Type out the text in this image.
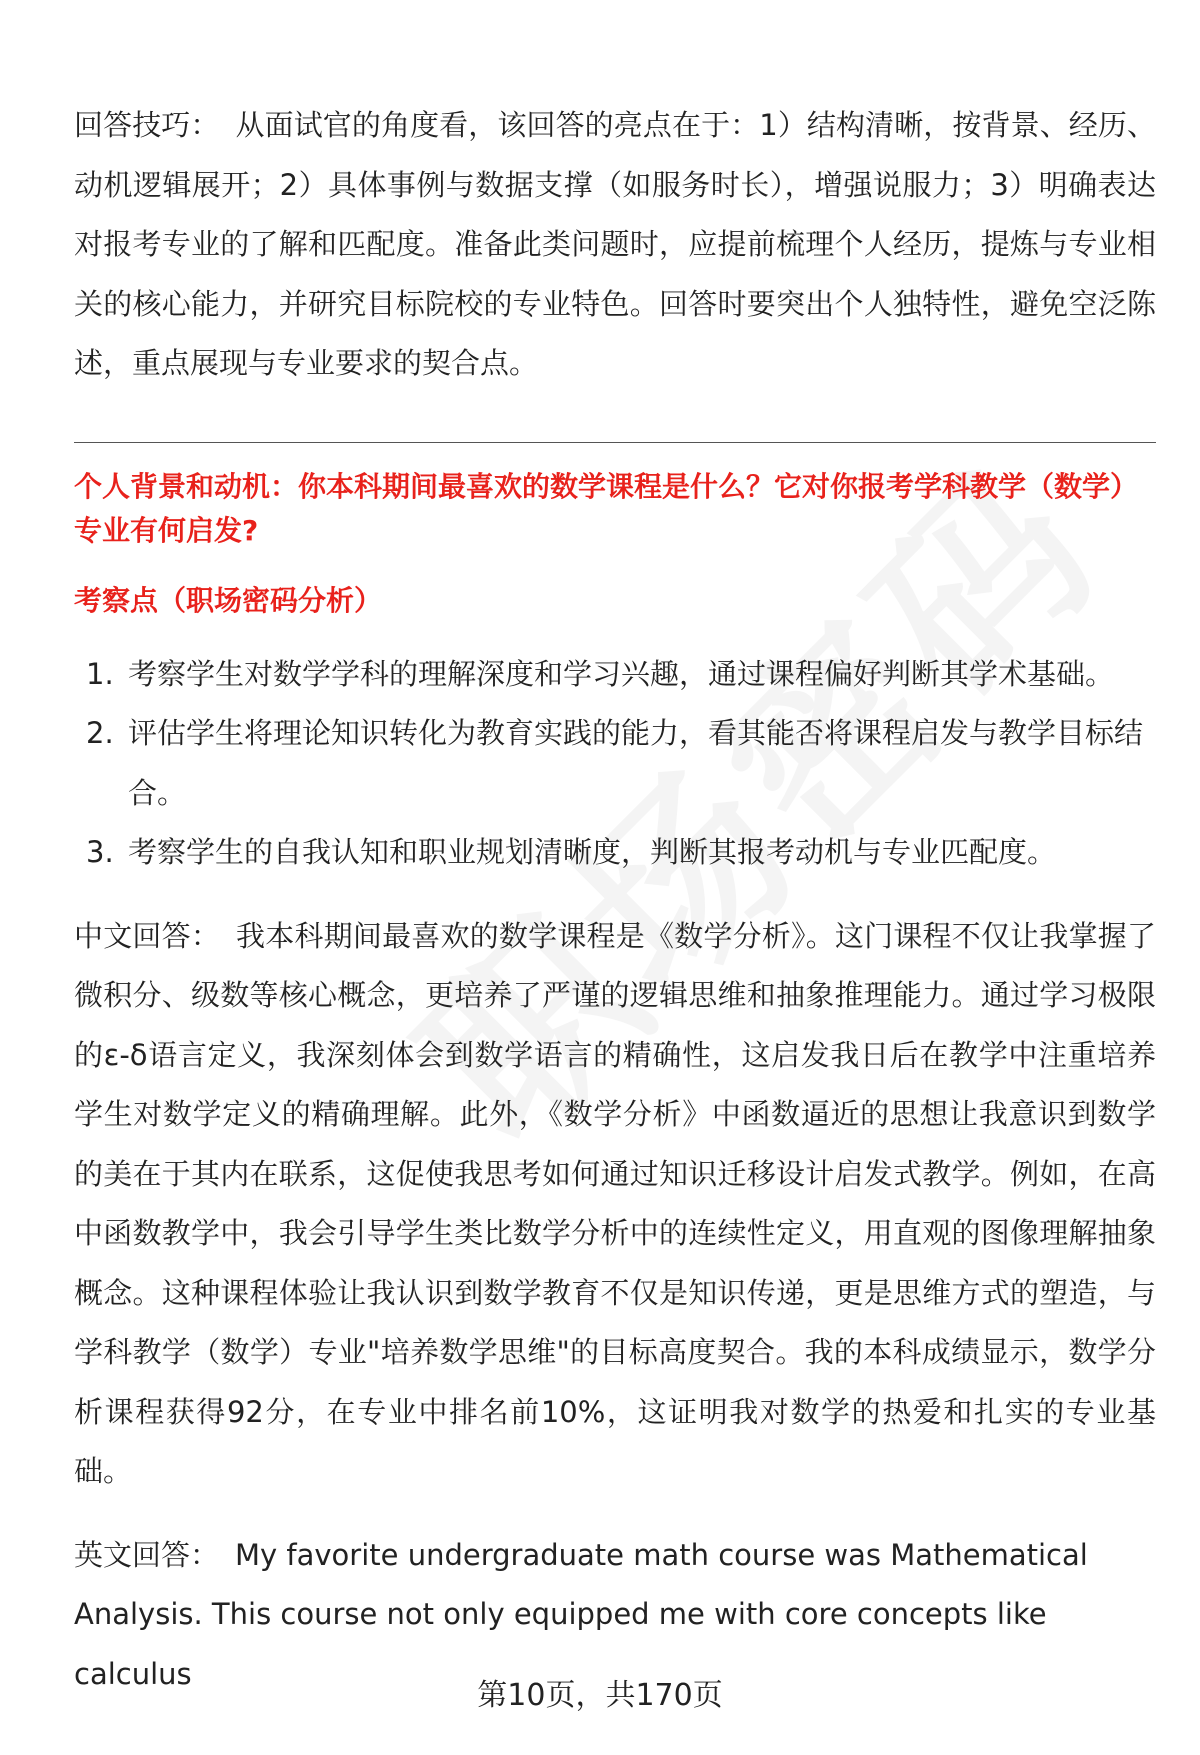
回答技巧： 从面试官的角度看，该回答的亮点在于：1）结构清晰，按背景、经历、动机逻辑展开；2）具体事例与数据支撑（如服务时长），增强说服力；3）明确表达对报考专业的了解和匹配度。准备此类问题时，应提前梳理个人经历，提炼与专业相关的核心能力，并研究目标院校的专业特色。回答时要突出个人独特性，避免空泛陈述，重点展现与专业要求的契合点。

个人背景和动机：你本科期间最喜欢的数学课程是什么？它对你报考学科教学（数学）专业有何启发?

考察点（职场密码分析）

1. 考察学生对数学学科的理解深度和学习兴趣，通过课程偏好判断其学术基础。
2. 评估学生将理论知识转化为教育实践的能力，看其能否将课程启发与教学目标结合。
3. 考察学生的自我认知和职业规划清晰度，判断其报考动机与专业匹配度。

中文回答： 我本科期间最喜欢的数学课程是《数学分析》。这门课程不仅让我掌握了微积分、级数等核心概念，更培养了严谨的逻辑思维和抽象推理能力。通过学习极限的ε-δ语言定义，我深刻体会到数学语言的精确性，这启发我日后在教学中注重培养学生对数学定义的精确理解。此外，《数学分析》中函数逼近的思想让我意识到数学的美在于其内在联系，这促使我思考如何通过知识迁移设计启发式教学。例如，在高中函数教学中，我会引导学生类比数学分析中的连续性定义，用直观的图像理解抽象概念。这种课程体验让我认识到数学教育不仅是知识传递，更是思维方式的塑造，与学科教学（数学）专业"培养数学思维"的目标高度契合。我的本科成绩显示，数学分析课程获得92分，在专业中排名前10%，这证明我对数学的热爱和扎实的专业基础。

英文回答： My favorite undergraduate math course was Mathematical Analysis. This course not only equipped me with core concepts like calculus

第10页，共170页
